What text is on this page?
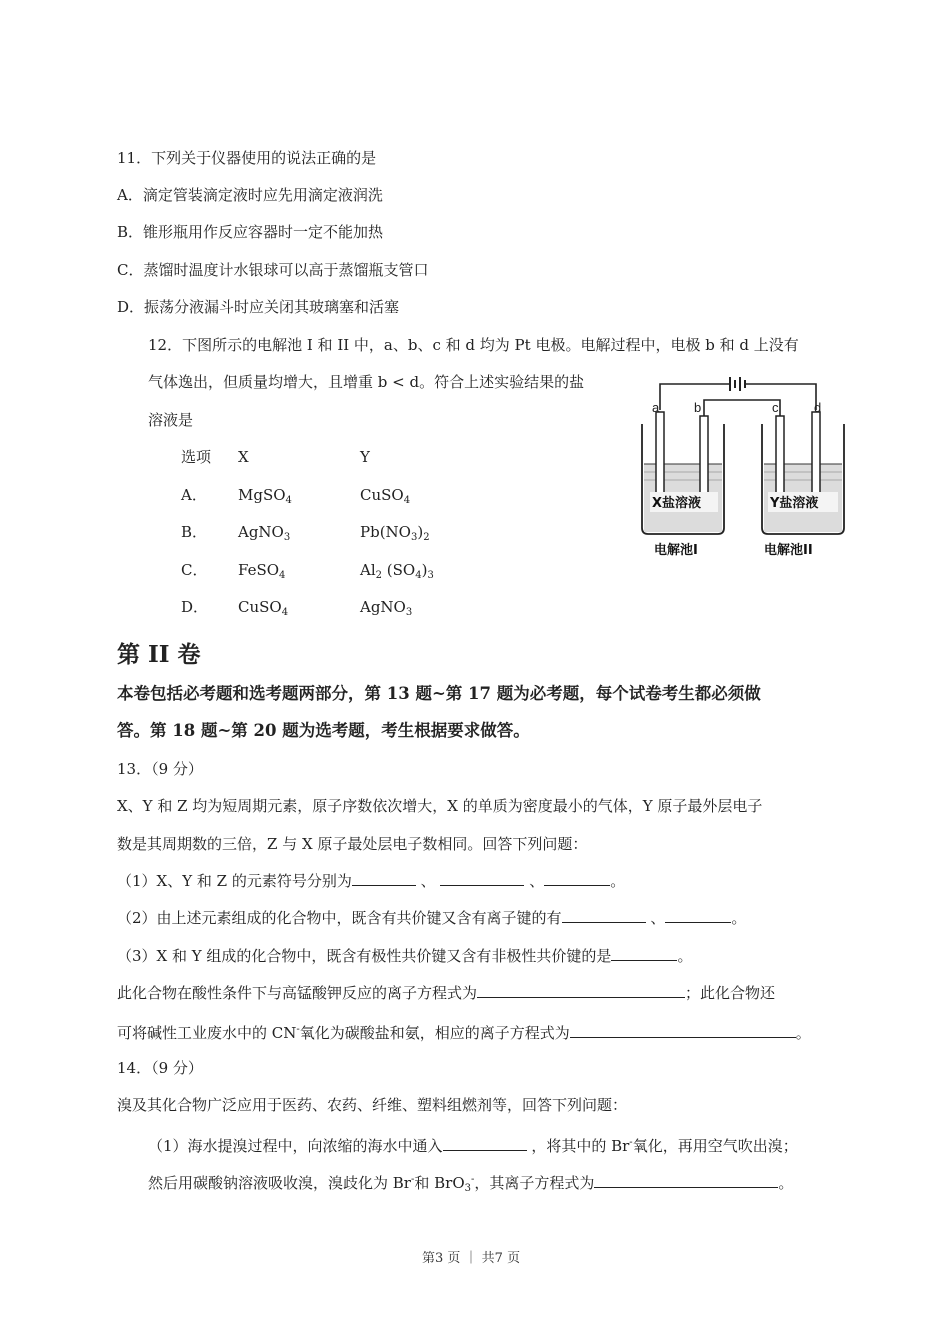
11．下列关于仪器使用的说法正确的是
A．滴定管装滴定液时应先用滴定液润洗
B．锥形瓶用作反应容器时一定不能加热
C．蒸馏时温度计水银球可以高于蒸馏瓶支管口
D．振荡分液漏斗时应关闭其玻璃塞和活塞
12．下图所示的电解池 I 和 II 中，a、b、c 和 d 均为 Pt 电极。电解过程中，电极 b 和 d 上没有
气体逸出，但质量均增大，且增重 b < d。符合上述实验结果的盐
溶液是
选项 X	Y
A． MgSO$_4$	CuSO$_4$
B． AgNO$_3$	$Pb(NO_3)_2$
C． FeSO$_4$	$Al_2$ $(SO_4)_3$
D． CuSO$_4$	AgNO$_3$
a	b	c	d
X盐溶液	Y盐溶液
电解池I	电解池II
第 II 卷
本卷包括必考题和选考题两部分，第 13 题~第 17 题为必考题，每个试卷考生都必须做
答。第 18 题~第 20 题为选考题，考生根据要求做答。
13．（9 分）
X、Y 和 Z 均为短周期元素，原子序数依次增大，X 的单质为密度最小的气体，Y 原子最外层电子
数是其周期数的三倍，Z 与 X 原子最处层电子数相同。回答下列问题：
（1）X、Y 和 Z 的元素符号分别为	、	、	。
（2）由上述元素组成的化合物中，既含有共价键又含有离子键的有	、	。
（3）X 和 Y 组成的化合物中，既含有极性共价键又含有非极性共价键的是	。
此化合物在酸性条件下与高锰酸钾反应的离子方程式为	；此化合物还
可将碱性工业废水中的 CN-氧化为碳酸盐和氨，相应的离子方程式为	。
14．（9 分）
溴及其化合物广泛应用于医药、农药、纤维、塑料组燃剂等，回答下列问题：
（1）海水提溴过程中，向浓缩的海水中通入	，将其中的 Br-氧化，再用空气吹出溴；
然后用碳酸钠溶液吸收溴，溴歧化为 Br-和 BrO$_3$-，其离子方程式为	。
第3 页 ｜ 共7 页
